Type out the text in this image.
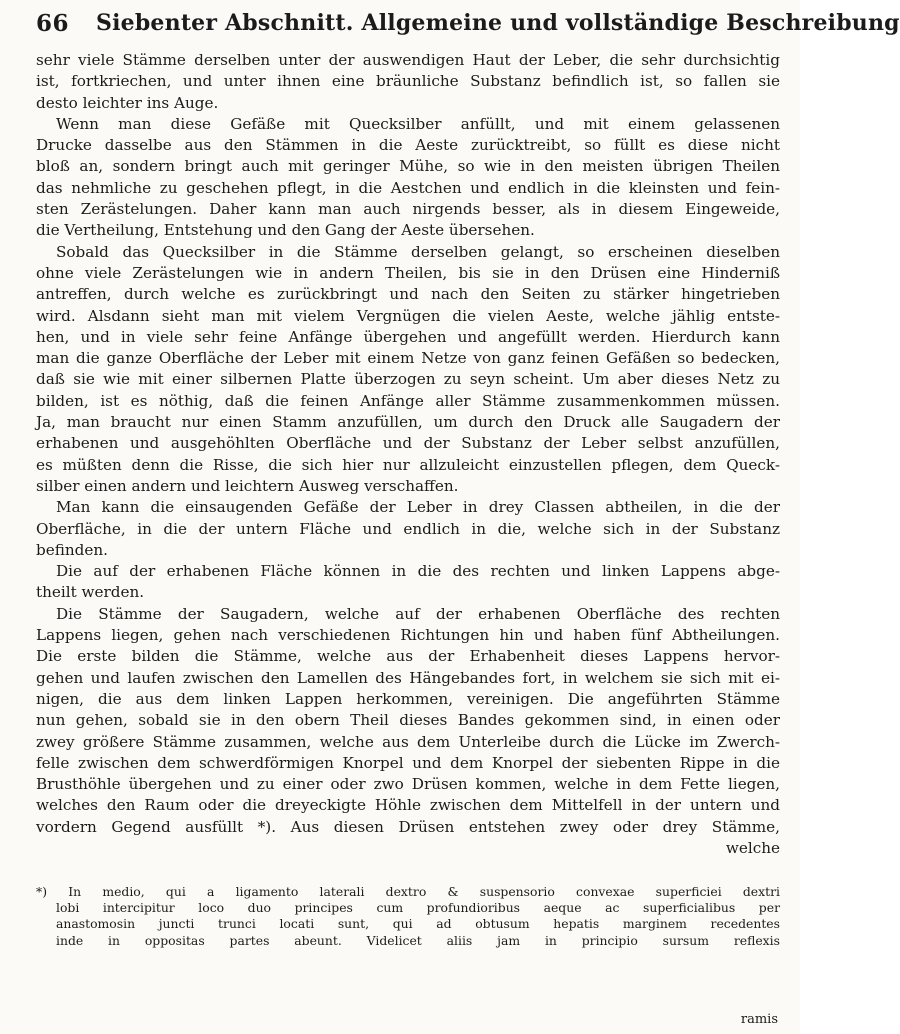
66 Siebenter Abschnitt. Allgemeine und vollständige Beschreibung
sehr viele Stämme derselben unter der auswendigen Haut der Leber, die sehr durchsichtig
ist, fortkriechen, und unter ihnen eine bräunliche Substanz befindlich ist, so fallen sie
desto leichter ins Auge.
Wenn man diese Gefäße mit Quecksilber anfüllt, und mit einem gelassenen
Drucke dasselbe aus den Stämmen in die Aeste zurücktreibt, so füllt es diese nicht
bloß an, sondern bringt auch mit geringer Mühe, so wie in den meisten übrigen Theilen
das nehmliche zu geschehen pflegt, in die Aestchen und endlich in die kleinsten und fein-
sten Zerästelungen. Daher kann man auch nirgends besser, als in diesem Eingeweide,
die Vertheilung, Entstehung und den Gang der Aeste übersehen.
Sobald das Quecksilber in die Stämme derselben gelangt, so erscheinen dieselben
ohne viele Zerästelungen wie in andern Theilen, bis sie in den Drüsen eine Hinderniß
antreffen, durch welche es zurückbringt und nach den Seiten zu stärker hingetrieben
wird. Alsdann sieht man mit vielem Vergnügen die vielen Aeste, welche jählig entste-
hen, und in viele sehr feine Anfänge übergehen und angefüllt werden. Hierdurch kann
man die ganze Oberfläche der Leber mit einem Netze von ganz feinen Gefäßen so bedecken,
daß sie wie mit einer silbernen Platte überzogen zu seyn scheint. Um aber dieses Netz zu
bilden, ist es nöthig, daß die feinen Anfänge aller Stämme zusammenkommen müssen.
Ja, man braucht nur einen Stamm anzufüllen, um durch den Druck alle Saugadern der
erhabenen und ausgehöhlten Oberfläche und der Substanz der Leber selbst anzufüllen,
es müßten denn die Risse, die sich hier nur allzuleicht einzustellen pflegen, dem Queck-
silber einen andern und leichtern Ausweg verschaffen.
Man kann die einsaugenden Gefäße der Leber in drey Classen abtheilen, in die der
Oberfläche, in die der untern Fläche und endlich in die, welche sich in der Substanz
befinden.
Die auf der erhabenen Fläche können in die des rechten und linken Lappens abge-
theilt werden.
Die Stämme der Saugadern, welche auf der erhabenen Oberfläche des rechten
Lappens liegen, gehen nach verschiedenen Richtungen hin und haben fünf Abtheilungen.
Die erste bilden die Stämme, welche aus der Erhabenheit dieses Lappens hervor-
gehen und laufen zwischen den Lamellen des Hängebandes fort, in welchem sie sich mit ei-
nigen, die aus dem linken Lappen herkommen, vereinigen. Die angeführten Stämme
nun gehen, sobald sie in den obern Theil dieses Bandes gekommen sind, in einen oder
zwey größere Stämme zusammen, welche aus dem Unterleibe durch die Lücke im Zwerch-
felle zwischen dem schwerdförmigen Knorpel und dem Knorpel der siebenten Rippe in die
Brusthöhle übergehen und zu einer oder zwo Drüsen kommen, welche in dem Fette liegen,
welches den Raum oder die dreyeckigte Höhle zwischen dem Mittelfell in der untern und
vordern Gegend ausfüllt *). Aus diesen Drüsen entstehen zwey oder drey Stämme,
welche
*) In medio, qui a ligamento laterali dextro & suspensorio convexae superficiei dextri
lobi intercipitur loco duo principes cum profundioribus aeque ac superficialibus per
anastomosin juncti trunci locati sunt, qui ad obtusum hepatis marginem recedentes
inde in oppositas partes abeunt. Videlicet aliis jam in principio sursum reflexis
ramis
